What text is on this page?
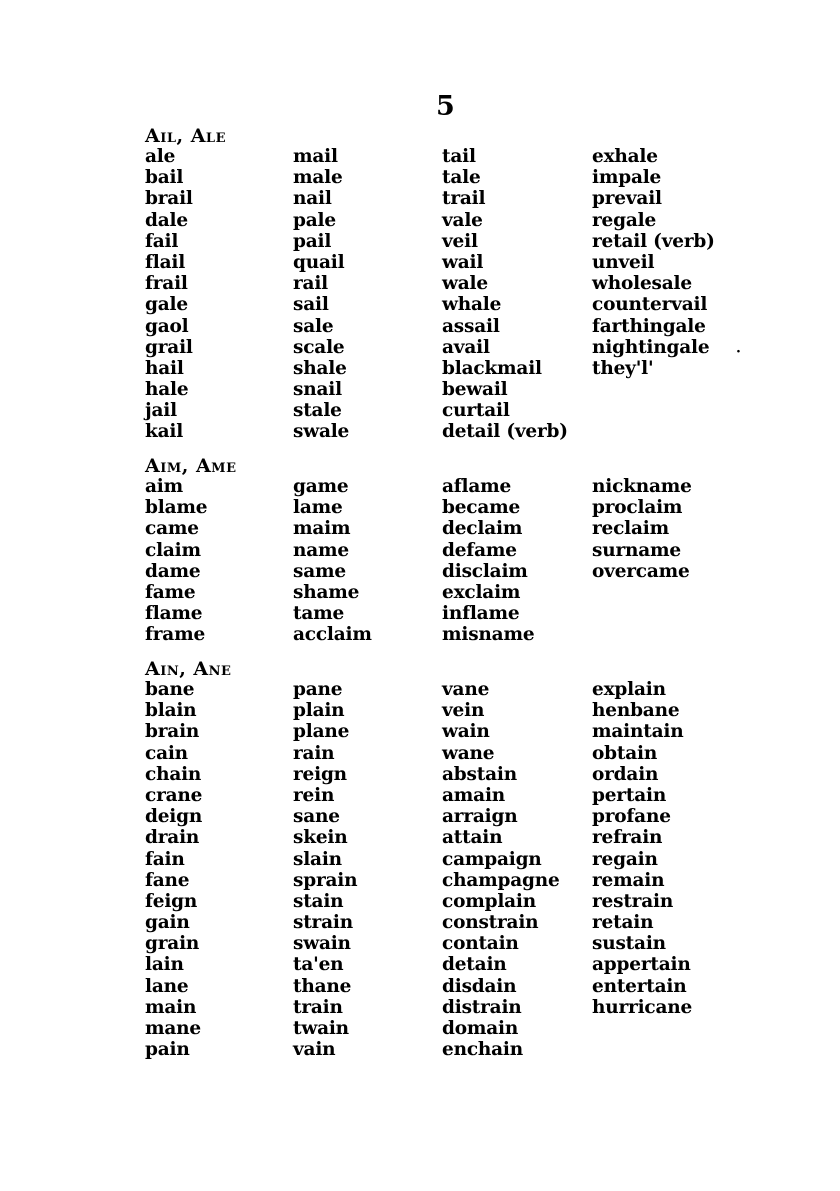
5
Ail, Ale
ale
bail
brail
dale
fail
flail
frail
gale
gaol
grail
hail
hale
jail
kail
mail
male
nail
pale
pail
quail
rail
sail
sale
scale
shale
snail
stale
swale
tail
tale
trail
vale
veil
wail
wale
whale
assail
avail
blackmail
bewail
curtail
detail (verb)
exhale
impale
prevail
regale
retail (verb)
unveil
wholesale
countervail
farthingale
nightingale
they'l'
Aim, Ame
aim
blame
came
claim
dame
fame
flame
frame
game
lame
maim
name
same
shame
tame
acclaim
aflame
became
declaim
defame
disclaim
exclaim
inflame
misname
nickname
proclaim
reclaim
surname
overcame
Ain, Ane
bane
blain
brain
cain
chain
crane
deign
drain
fain
fane
feign
gain
grain
lain
lane
main
mane
pain
pane
plain
plane
rain
reign
rein
sane
skein
slain
sprain
stain
strain
swain
ta'en
thane
train
twain
vain
vane
vein
wain
wane
abstain
amain
arraign
attain
campaign
champagne
complain
constrain
contain
detain
disdain
distrain
domain
enchain
explain
henbane
maintain
obtain
ordain
pertain
profane
refrain
regain
remain
restrain
retain
sustain
appertain
entertain
hurricane
·
